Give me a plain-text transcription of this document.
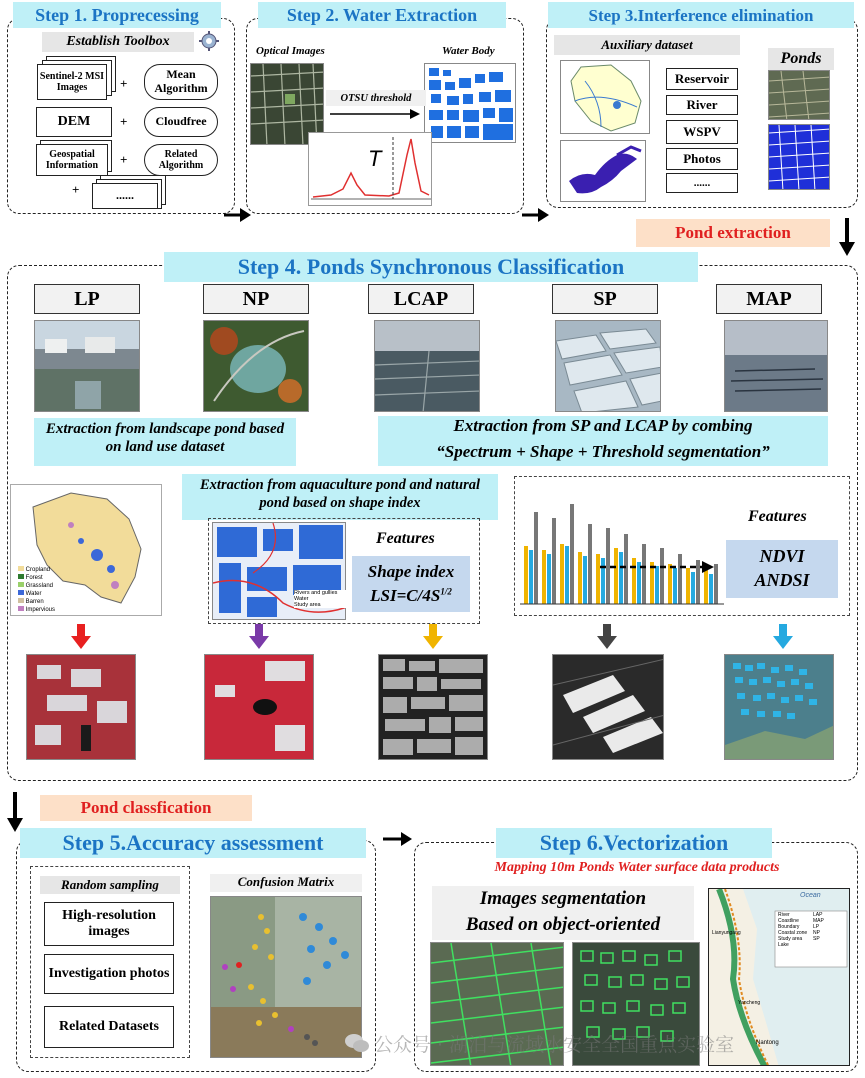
Step 1. Proprecessing
Establish Toolbox
Sentinel-2 MSI Images	+
Mean Algorithm
DEM	+	Cloudfree
Geospatial Information	+	Related Algorithm
+	......
Step 2. Water Extraction
Optical Images	Water Body
OTSU threshold
T
Step 3.Interference elimination
Auxiliary dataset
Reservoir
River
WSPV
Photos
......
Ponds
Pond extraction
Step 4. Ponds Synchronous Classification
LP	NP	LCAP	SP	MAP
Extraction from landscape pond based on land use dataset
Extraction from SP and LCAP by combing
“Spectrum + Shape + Threshold segmentation”
Cropland
Forest
Grassland
Water
Barren
Impervious
Extraction from aquaculture pond and natural pond based on shape index
Rivers and gullies
Water
Study area
Features
Shape index
$LSI=C/4S^{1/2}$
Features
NDVI
ANDSI
Pond classfication
Step 5.Accuracy assessment
Random sampling
High-resolution images
Investigation photos
Related Datasets
Confusion Matrix
Step 6.Vectorization
Mapping 10m Ponds Water surface data products
Images segmentation
Based on object-oriented
Ocean
River
Coastline
Boundary
Coastal zone
Study area
Lake
LAP
MAP
LP
NP
SP
Lianyungang
Yancheng
Nantong
公众号 · 湖泊与流域水安全全国重点实验室
